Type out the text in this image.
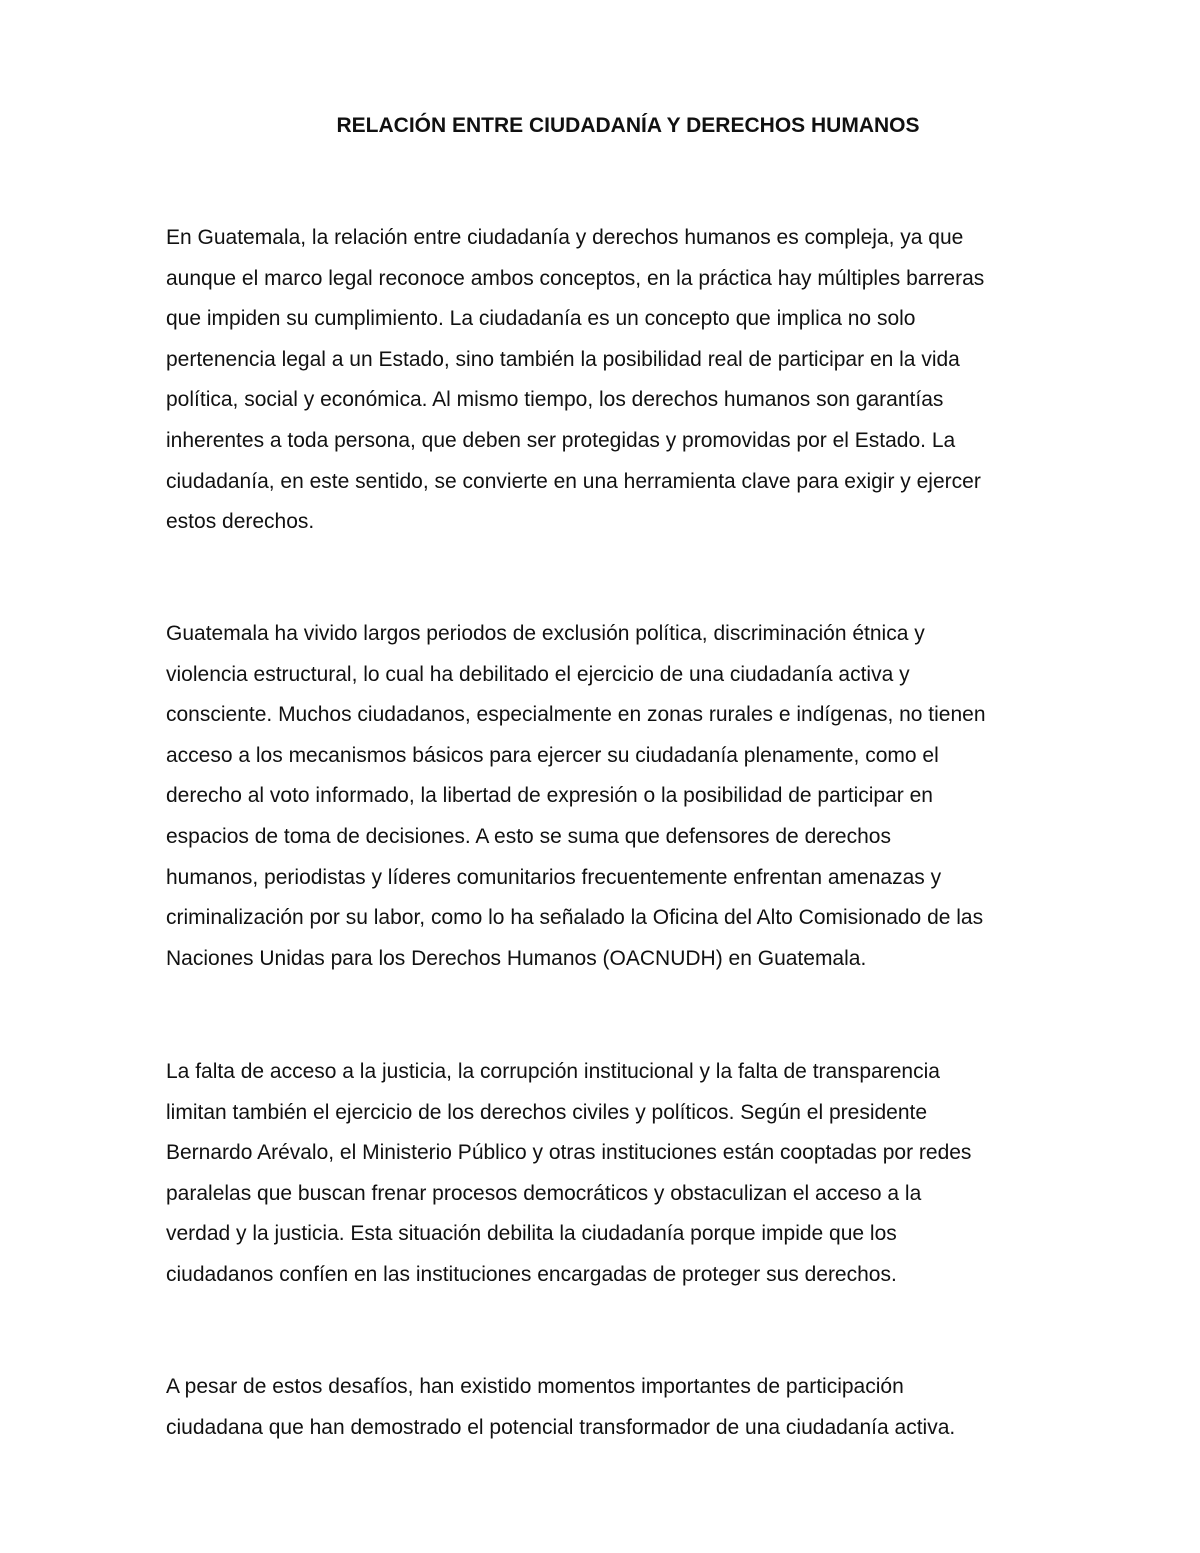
RELACIÓN ENTRE CIUDADANÍA Y DERECHOS HUMANOS

En Guatemala, la relación entre ciudadanía y derechos humanos es compleja, ya que
aunque el marco legal reconoce ambos conceptos, en la práctica hay múltiples barreras
que impiden su cumplimiento. La ciudadanía es un concepto que implica no solo
pertenencia legal a un Estado, sino también la posibilidad real de participar en la vida
política, social y económica. Al mismo tiempo, los derechos humanos son garantías
inherentes a toda persona, que deben ser protegidas y promovidas por el Estado. La
ciudadanía, en este sentido, se convierte en una herramienta clave para exigir y ejercer
estos derechos.

Guatemala ha vivido largos periodos de exclusión política, discriminación étnica y
violencia estructural, lo cual ha debilitado el ejercicio de una ciudadanía activa y
consciente. Muchos ciudadanos, especialmente en zonas rurales e indígenas, no tienen
acceso a los mecanismos básicos para ejercer su ciudadanía plenamente, como el
derecho al voto informado, la libertad de expresión o la posibilidad de participar en
espacios de toma de decisiones. A esto se suma que defensores de derechos
humanos, periodistas y líderes comunitarios frecuentemente enfrentan amenazas y
criminalización por su labor, como lo ha señalado la Oficina del Alto Comisionado de las
Naciones Unidas para los Derechos Humanos (OACNUDH) en Guatemala.

La falta de acceso a la justicia, la corrupción institucional y la falta de transparencia
limitan también el ejercicio de los derechos civiles y políticos. Según el presidente
Bernardo Arévalo, el Ministerio Público y otras instituciones están cooptadas por redes
paralelas que buscan frenar procesos democráticos y obstaculizan el acceso a la
verdad y la justicia. Esta situación debilita la ciudadanía porque impide que los
ciudadanos confíen en las instituciones encargadas de proteger sus derechos.

A pesar de estos desafíos, han existido momentos importantes de participación
ciudadana que han demostrado el potencial transformador de una ciudadanía activa.
